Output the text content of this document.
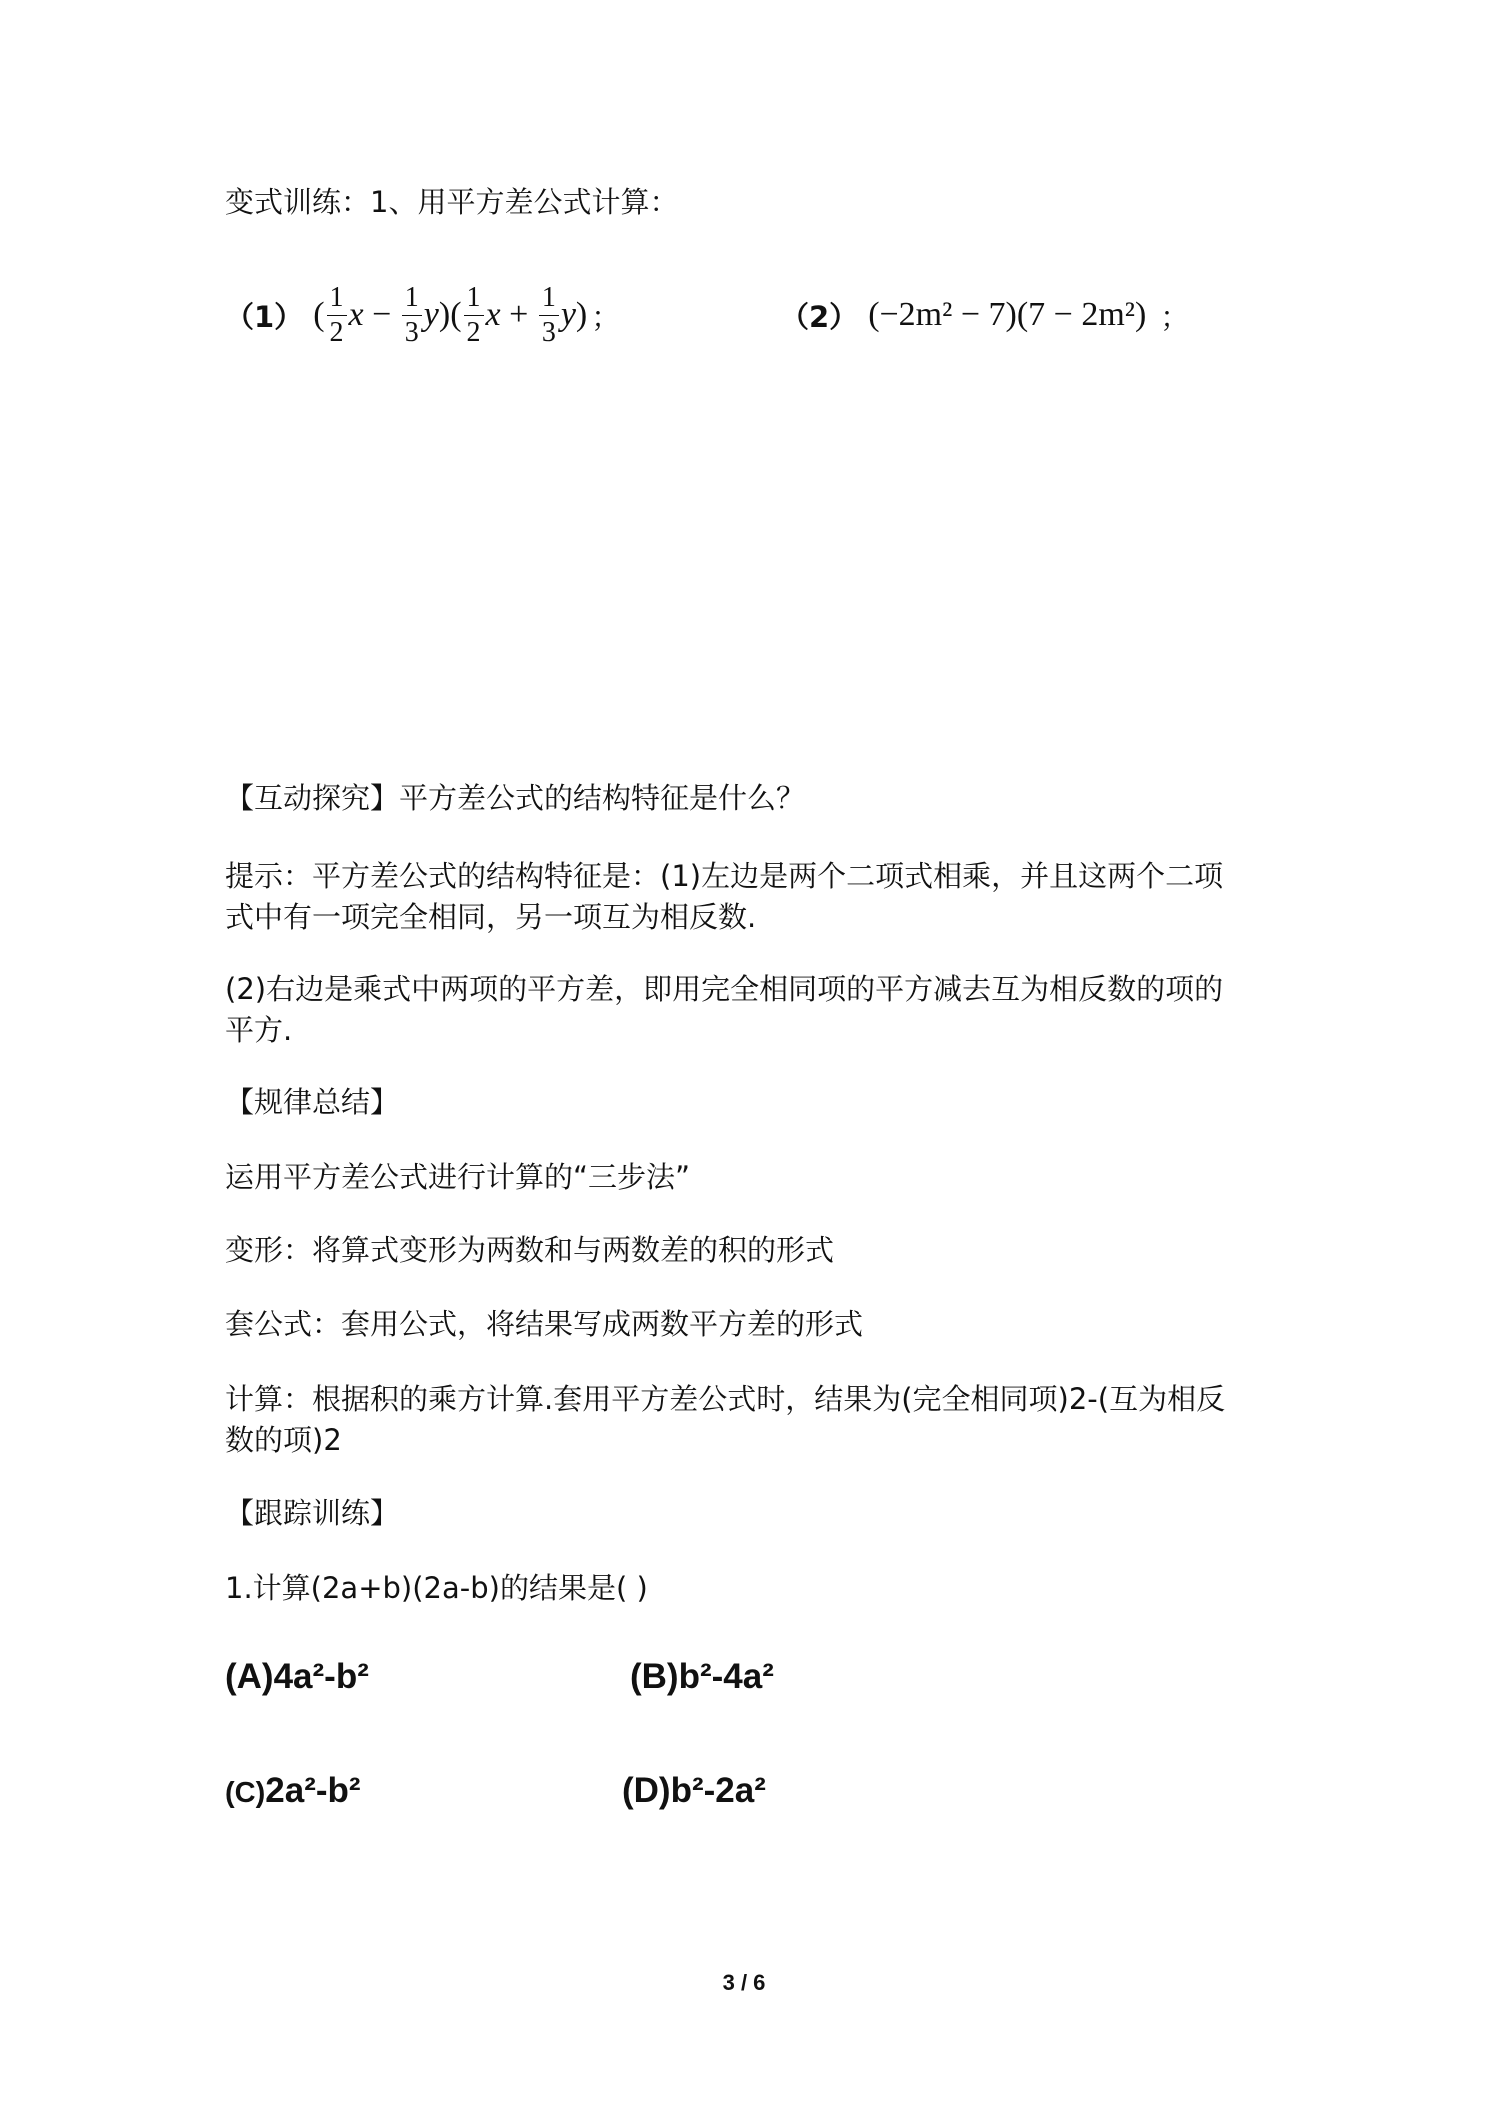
变式训练：1、用平方差公式计算：
（1） ( $\frac{1}{2}$ $x - \frac{1}{3}$ y )( $\frac{1}{2}$ $x + \frac{1}{3}$ y ) ；	（2） (−2m² − 7)(7 − 2m²) ；
【互动探究】平方差公式的结构特征是什么？
提示：平方差公式的结构特征是：(1)左边是两个二项式相乘，并且这两个二项
式中有一项完全相同，另一项互为相反数.
(2)右边是乘式中两项的平方差，即用完全相同项的平方减去互为相反数的项的
平方.
【规律总结】
运用平方差公式进行计算的“三步法”
变形：将算式变形为两数和与两数差的积的形式
套公式：套用公式，将结果写成两数平方差的形式
计算：根据积的乘方计算.套用平方差公式时，结果为(完全相同项)2-(互为相反
数的项)2
【跟踪训练】
1.计算(2a+b)(2a-b)的结果是( )
(A)4a²-b²	(B)b²-4a²
(C)2a²-b²	(D)b²-2a²
3 / 6
